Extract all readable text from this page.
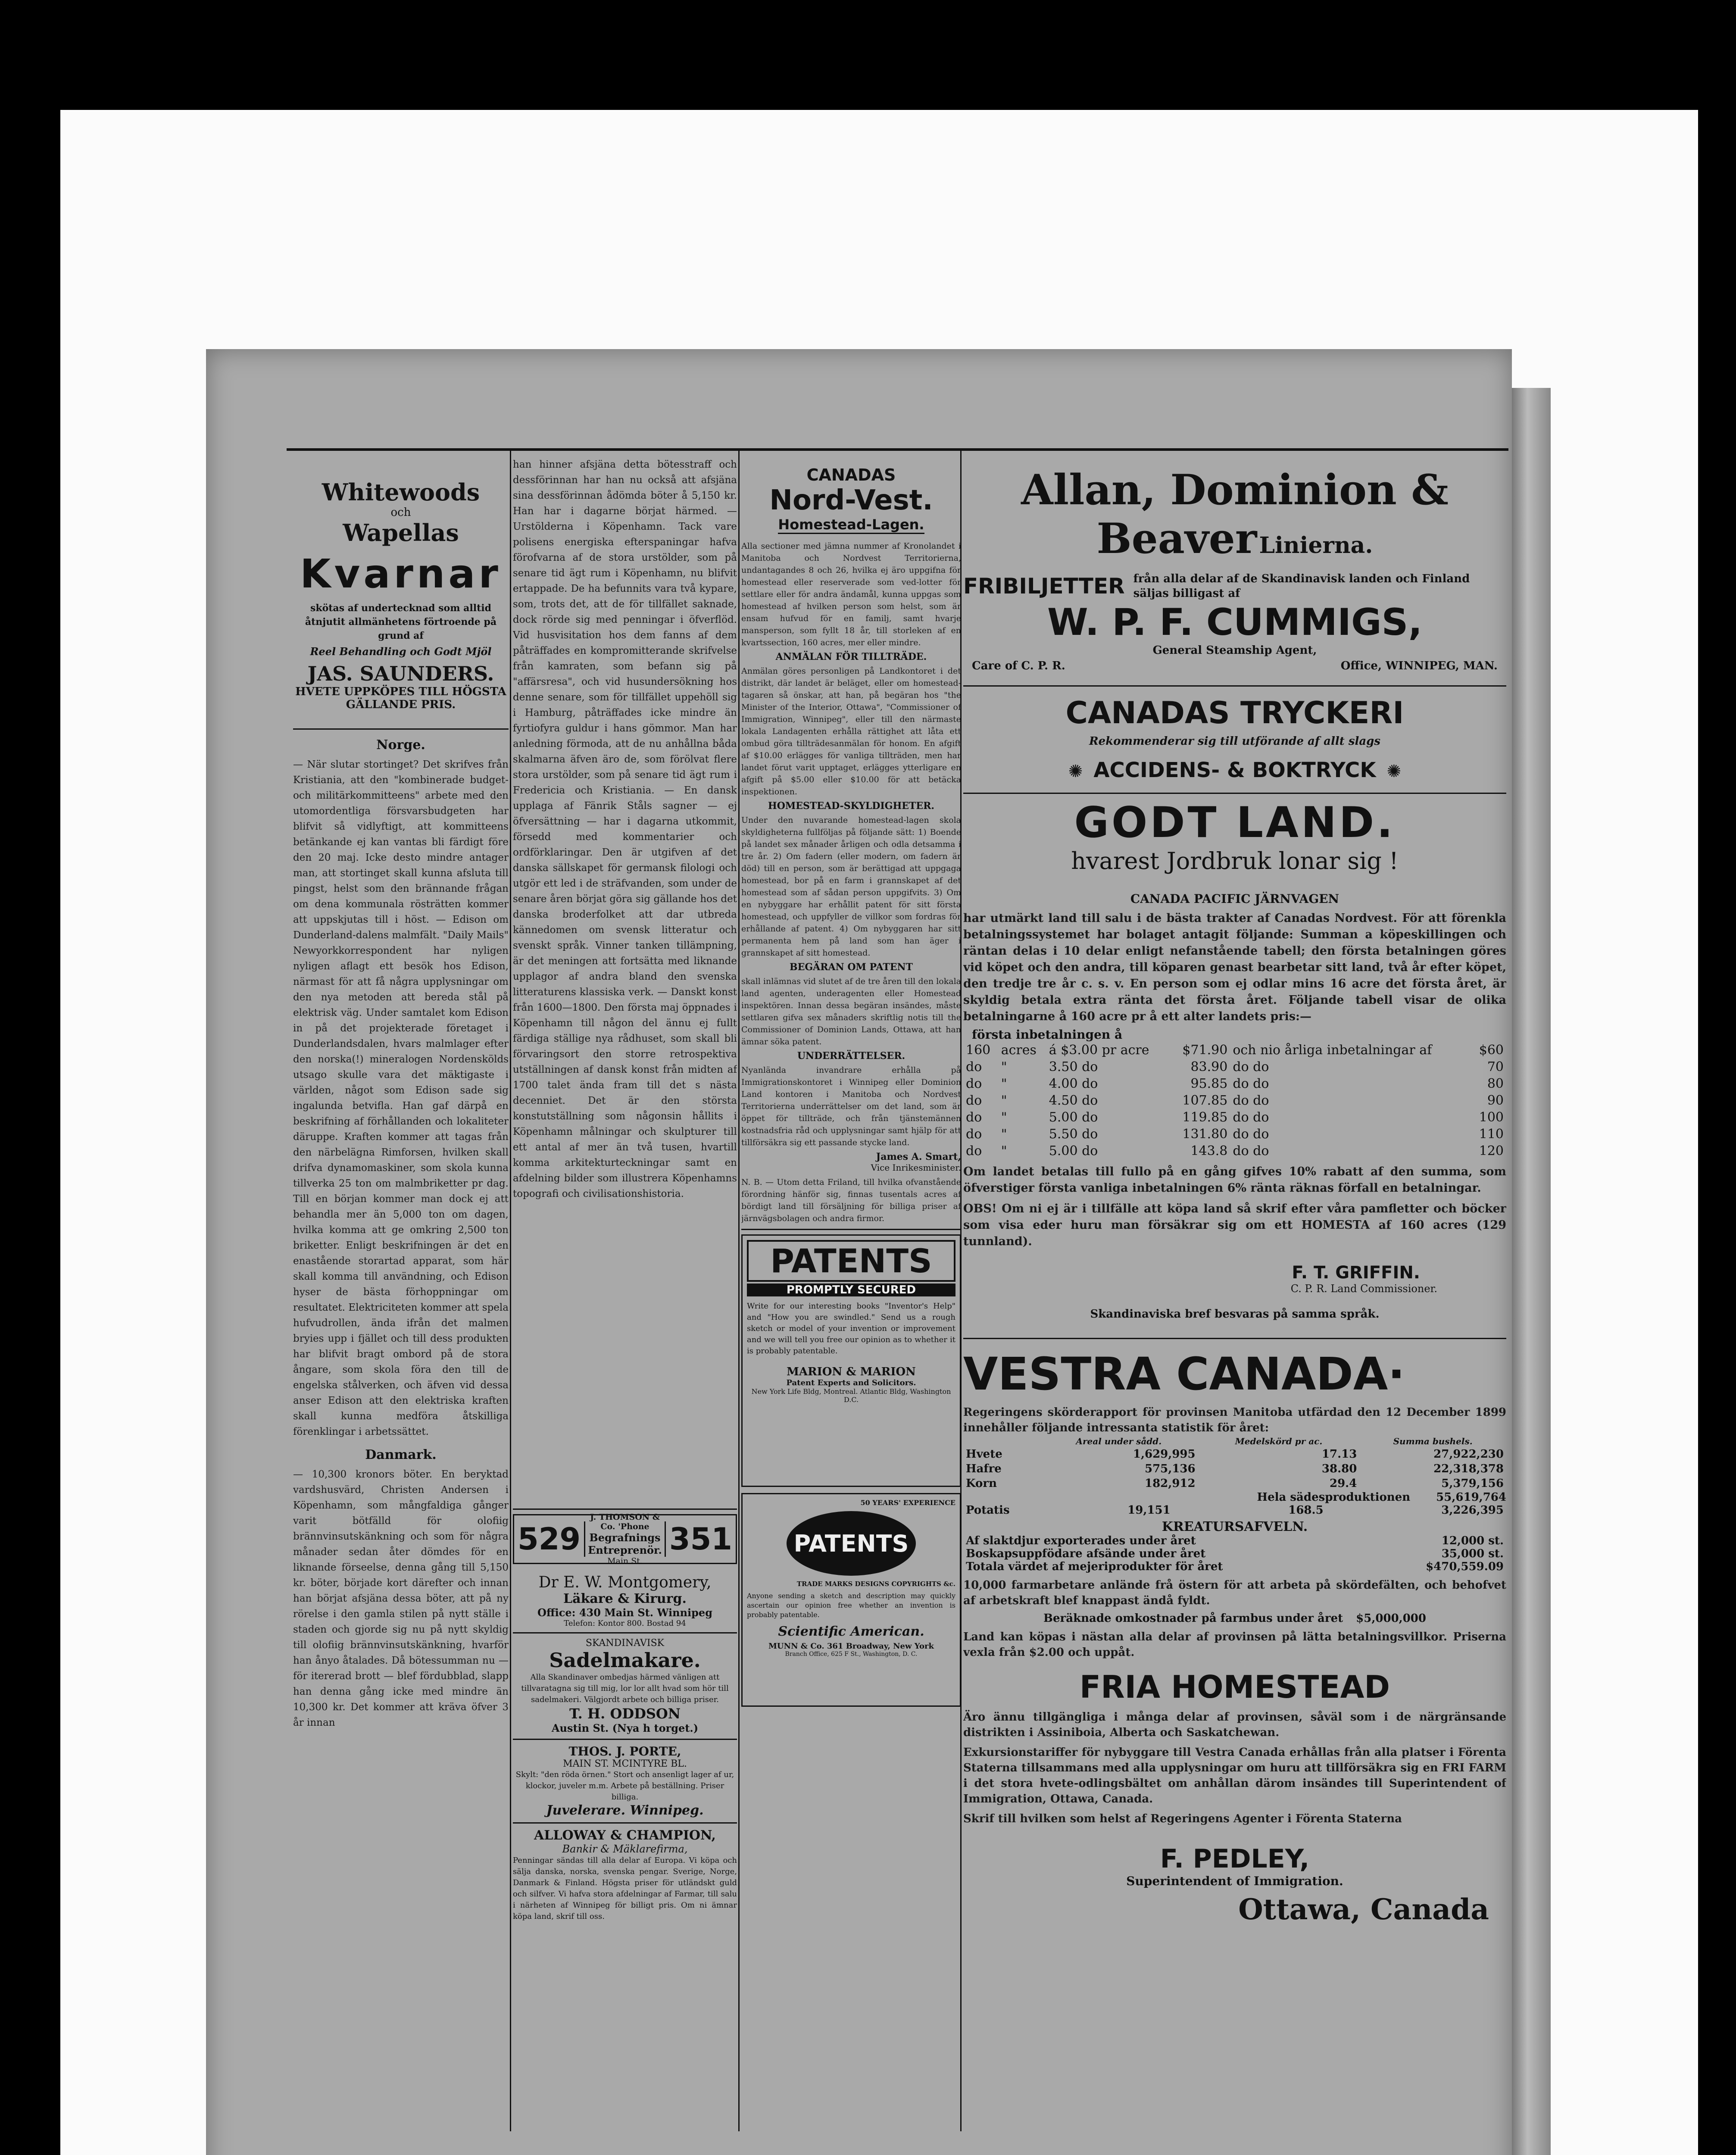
Whitewoods
och
Wapellas
Kvarnar
skötas af undertecknad som alltid åtnjutit allmänhetens förtroende på grund af
Reel Behandling och Godt Mjöl
JAS. SAUNDERS.
HVETE UPPKÖPES TILL HÖGSTA GÄLLANDE PRIS.
Norge.

— När slutar stortinget? Det skrifves från Kristiania, att den "kombinerade budget- och militärkommitteens" arbete med den utomordentliga försvarsbudgeten har blifvit så vidlyftigt, att kommitteens betänkande ej kan vantas bli färdigt före den 20 maj. Icke desto mindre antager man, att stortinget skall kunna afsluta till pingst, helst som den brännande frågan om dena kommunala rösträtten kommer att uppskjutas till i höst. — Edison om Dunderland-dalens malmfält. "Daily Mails" Newyorkkorrespondent har nyligen nyligen aflagt ett besök hos Edison, närmast för att få några upplysningar om den nya metoden att bereda stål på elektrisk väg. Under samtalet kom Edison in på det projekterade företaget i Dunderlandsdalen, hvars malmlager efter den norska(!) mineralogen Nordenskölds utsago skulle vara det mäktigaste i världen, något som Edison sade sig ingalunda betvifla. Han gaf därpå en beskrifning af förhållanden och lokaliteter däruppe. Kraften kommer att tagas från den närbelägna Rimforsen, hvilken skall drifva dynamomaskiner, som skola kunna tillverka 25 ton om malmbriketter pr dag. Till en början kommer man dock ej att behandla mer än 5,000 ton om dagen, hvilka komma att ge omkring 2,500 ton briketter. Enligt beskrifningen är det en enastående storartad apparat, som här skall komma till användning, och Edison hyser de bästa förhoppningar om resultatet. Elektriciteten kommer att spela hufvudrollen, ända ifrån det malmen bryies upp i fjället och till dess produkten har blifvit bragt ombord på de stora ångare, som skola föra den till de engelska stålverken, och äfven vid dessa anser Edison att den elektriska kraften skall kunna medföra åtskilliga förenklingar i arbetssättet.

Danmark.

— 10,300 kronors böter. En beryktad vardshusvärd, Christen Andersen i Köpenhamn, som mångfaldiga gånger varit bötfälld för olofiig brännvinsutskänkning och som för några månader sedan åter dömdes för en liknande förseelse, denna gång till 5,150 kr. böter, började kort därefter och innan han börjat afsjäna dessa böter, att på ny rörelse i den gamla stilen på nytt ställe i staden och gjorde sig nu på nytt skyldig till olofiig brännvinsutskänkning, hvarför han ånyo åtalades. Då bötessumman nu — för itererad brott — blef fördubblad, slapp han denna gång icke med mindre än 10,300 kr. Det kommer att kräva öfver 3 år innan

han hinner afsjäna detta bötesstraff och dessförinnan har han nu också att afsjäna sina dessförinnan ådömda böter å 5,150 kr. Han har i dagarne börjat härmed. — Urstölderna i Köpenhamn. Tack vare polisens energiska efterspaningar hafva förofvarna af de stora urstölder, som på senare tid ägt rum i Köpenhamn, nu blifvit ertappade. De ha befunnits vara två kypare, som, trots det, att de för tillfället saknade, dock rörde sig med penningar i öfverflöd. Vid husvisitation hos dem fanns af dem påträffades en kompromitterande skrifvelse från kamraten, som befann sig på "affärsresa", och vid husundersökning hos denne senare, som för tillfället uppehöll sig i Hamburg, påträffades icke mindre än fyrtiofyra guldur i hans gömmor. Man har anledning förmoda, att de nu anhållna båda skalmarna äfven äro de, som förölvat flere stora urstölder, som på senare tid ägt rum i Fredericia och Kristiania. — En dansk upplaga af Fänrik Ståls sagner — ej öfversättning — har i dagarna utkommit, försedd med kommentarier och ordförklaringar. Den är utgifven af det danska sällskapet för germansk filologi och utgör ett led i de sträfvanden, som under de senare åren börjat göra sig gällande hos det danska broderfolket att dar utbreda kännedomen om svensk litteratur och svenskt språk. Vinner tanken tillämpning, är det meningen att fortsätta med liknande upplagor af andra bland den svenska litteraturens klassiska verk. — Danskt konst från 1600—1800. Den första maj öppnades i Köpenhamn till någon del ännu ej fullt färdiga ställige nya rådhuset, som skall bli förvaringsort den storre retrospektiva utställningen af dansk konst från midten af 1700 talet ända fram till det s nästa decenniet. Det är den största konstutställning som någonsin hållits i Köpenhamn målningar och skulpturer till ett antal af mer än två tusen, hvartill komma arkitekturteckningar samt en afdelning bilder som illustrera Köpenhamns topografi och civilisationshistoria.

529
J. THOMSON & Co. 'Phone
Begrafnings Entreprenör.
Main St.
351
Dr E. W. Montgomery,
Läkare & Kirurg.
Office: 430 Main St. Winnipeg
Telefon: Kontor 800. Bostad 94
SKANDINAVISK
Sadelmakare.
Alla Skandinaver ombedjas härmed vänligen att tillvaratagna sig till mig, lor lor allt hvad som hör till sadelmakeri. Välgjordt arbete och billiga priser.
T. H. ODDSON
Austin St. (Nya h torget.)
THOS. J. PORTE,
MAIN ST. MCINTYRE BL.
Skylt: "den röda örnen." Stort och ansenligt lager af ur, klockor, juveler m.m. Arbete på beställning. Priser billiga.
Juvelerare. Winnipeg.
ALLOWAY & CHAMPION,
Bankir & Mäklarefirma,
Penningar sändas till alla delar af Europa. Vi köpa och sälja danska, norska, svenska pengar. Sverige, Norge, Danmark & Finland. Högsta priser för utländskt guld och silfver. Vi hafva stora afdelningar af Farmar, till salu i närheten af Winnipeg för billigt pris. Om ni ämnar köpa land, skrif till oss.
CANADAS
Nord-Vest.
Homestead-Lagen.

Alla sectioner med jämna nummer af Kronolandet i Manitoba och Nordvest Territorierna, undantagandes 8 och 26, hvilka ej äro uppgifna för homestead eller reserverade som ved-lotter för settlare eller för andra ändamål, kunna uppgas som homestead af hvilken person som helst, som är ensam hufvud för en familj, samt hvarje mansperson, som fyllt 18 år, till storleken af en kvartssection, 160 acres, mer eller mindre.

ANMÄLAN FÖR TILLTRÄDE.

Anmälan göres personligen på Landkontoret i det distrikt, där landet är beläget, eller om homestead-tagaren så önskar, att han, på begäran hos "the Minister of the Interior, Ottawa", "Commissioner of Immigration, Winnipeg", eller till den närmaste lokala Landagenten erhålla rättighet att låta ett ombud göra tillträdesanmälan för honom. En afgift af $10.00 erlägges för vanliga tillträden, men har landet förut varit upptaget, erlägges ytterligare en afgift på $5.00 eller $10.00 för att betäcka inspektionen.

HOMESTEAD-SKYLDIGHETER.

Under den nuvarande homestead-lagen skola skyldigheterna fullföljas på följande sätt: 1) Boende på landet sex månader årligen och odla detsamma i tre år. 2) Om fadern (eller modern, om fadern är död) till en person, som är berättigad att uppgaga homestead, bor på en farm i grannskapet af det homestead som af sådan person uppgifvits. 3) Om en nybyggare har erhållit patent för sitt första homestead, och uppfyller de villkor som fordras för erhållande af patent. 4) Om nybyggaren har sitt permanenta hem på land som han äger i grannskapet af sitt homestead.

BEGÄRAN OM PATENT

skall inlämnas vid slutet af de tre åren till den lokala land agenten, underagenten eller Homestead inspektören. Innan dessa begäran insändes, måste settlaren gifva sex månaders skriftlig notis till the Commissioner of Dominion Lands, Ottawa, att han ämnar söka patent.

UNDERRÄTTELSER.

Nyanlända invandrare erhålla på Immigrationskontoret i Winnipeg eller Dominion Land kontoren i Manitoba och Nordvest Territorierna underrättelser om det land, som är öppet för tillträde, och från tjänstemännen kostnadsfria råd och upplysningar samt hjälp för att tillförsäkra sig ett passande stycke land.

James A. Smart,
Vice Inrikesminister.

N. B. — Utom detta Friland, till hvilka ofvanstående förordning hänför sig, finnas tusentals acres af bördigt land till försäljning för billiga priser af järnvägsbolagen och andra firmor.

PATENTS
PROMPTLY SECURED
Write for our interesting books "Inventor's Help" and "How you are swindled." Send us a rough sketch or model of your invention or improvement and we will tell you free our opinion as to whether it is probably patentable.
MARION & MARION
Patent Experts and Solicitors.
New York Life Bldg, Montreal. Atlantic Bldg, Washington D.C.
50 YEARS' EXPERIENCE
PATENTS
TRADE MARKS DESIGNS COPYRIGHTS &c.
Anyone sending a sketch and description may quickly ascertain our opinion free whether an invention is probably patentable.
Scientific American.
MUNN & Co. 361 Broadway, New York
Branch Office, 625 F St., Washington, D. C.
Allan, Dominion &
Beaver Linierna.
FRIBILJETTER från alla delar af de Skandinavisk landen och Finland säljas billigast af
W. P. F. CUMMIGS,
General Steamship Agent,
Care of C. P. R.	Office, WINNIPEG, MAN.
CANADAS TRYCKERI
Rekommenderar sig till utförande af allt slags
✺ ACCIDENS- & BOKTRYCK ✺
GODT LAND.
hvarest Jordbruk lonar sig !
CANADA PACIFIC JÄRNVAGEN

har utmärkt land till salu i de bästa trakter af Canadas Nordvest. För att förenkla betalningssystemet har bolaget antagit följande: Summan a köpeskillingen och räntan delas i 10 delar enligt nefanstående tabell; den första betalningen göres vid köpet och den andra, till köparen genast bearbetar sitt land, två år efter köpet, den tredje tre år c. s. v. En person som ej odlar mins 16 acre det första året, är skyldig betala extra ränta det första året. Följande tabell visar de olika betalningarne å 160 acre pr å ett alter landets pris:—

första inbetalningen å
160	acres	á $3.00 pr acre	$71.90	och nio årliga inbetalningar af	$60
do	"	3.50 do	83.90	do do	70
do	"	4.00 do	95.85	do do	80
do	"	4.50 do	107.85	do do	90
do	"	5.00 do	119.85	do do	100
do	"	5.50 do	131.80	do do	110
do	"	5.00 do	143.8	do do	120

Om landet betalas till fullo på en gång gifves 10% rabatt af den summa, som öfverstiger första vanliga inbetalningen 6% ränta räknas förfall en betalningar.

OBS! Om ni ej är i tillfälle att köpa land så skrif efter våra pamfletter och böcker som visa eder huru man försäkrar sig om ett HOMESTA af 160 acres (129 tunnland).

F. T. GRIFFIN.
C. P. R. Land Commissioner.
Skandinaviska bref besvaras på samma språk.
VESTRA CANADA·

Regeringens skörderapport för provinsen Manitoba utfärdad den 12 December 1899 innehåller följande intressanta statistik för året:

	Areal under sådd.	Medelskörd pr ac.	Summa bushels.
Hvete	1,629,995	17.13	27,922,230
Hafre	575,136	38.80	22,318,378
Korn	182,912	29.4	5,379,156
Hela sädesproduktionen 55,619,764
Potatis	19,151	168.5	3,226,395
KREATURSAFVELN.
Af slaktdjur exporterades under året	12,000 st.
Boskapsuppfödare afsände under året	35,000 st.
Totala värdet af mejeriprodukter för året	$470,559.09

10,000 farmarbetare anlände frå östern för att arbeta på skördefälten, och behofvet af arbetskraft blef knappast ändå fyldt.

Beräknade omkostnader på farmbus under året $5,000,000

Land kan köpas i nästan alla delar af provinsen på lätta betalningsvillkor. Priserna vexla från $2.00 och uppåt.

FRIA HOMESTEAD

Äro ännu tillgängliga i många delar af provinsen, såväl som i de närgränsande distrikten i Assiniboia, Alberta och Saskatchewan.

Exkursionstariffer för nybyggare till Vestra Canada erhållas från alla platser i Förenta Staterna tillsammans med alla upplysningar om huru att tillförsäkra sig en FRI FARM i det stora hvete-odlingsbältet om anhållan därom insändes till Superintendent of Immigration, Ottawa, Canada.

Skrif till hvilken som helst af Regeringens Agenter i Förenta Staterna

F. PEDLEY,
Superintendent of Immigration.
Ottawa, Canada
